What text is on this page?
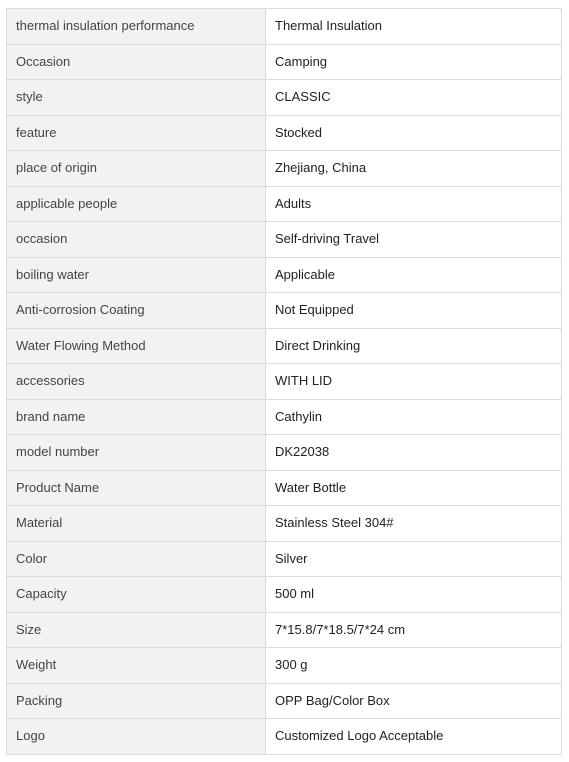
thermal insulation performance	Thermal Insulation
Occasion	Camping
style	CLASSIC
feature	Stocked
place of origin	Zhejiang, China
applicable people	Adults
occasion	Self-driving Travel
boiling water	Applicable
Anti-corrosion Coating	Not Equipped
Water Flowing Method	Direct Drinking
accessories	WITH LID
brand name	Cathylin
model number	DK22038
Product Name	Water Bottle
Material	Stainless Steel 304#
Color	Silver
Capacity	500 ml
Size	7*15.8/7*18.5/7*24 cm
Weight	300 g
Packing	OPP Bag/Color Box
Logo	Customized Logo Acceptable
